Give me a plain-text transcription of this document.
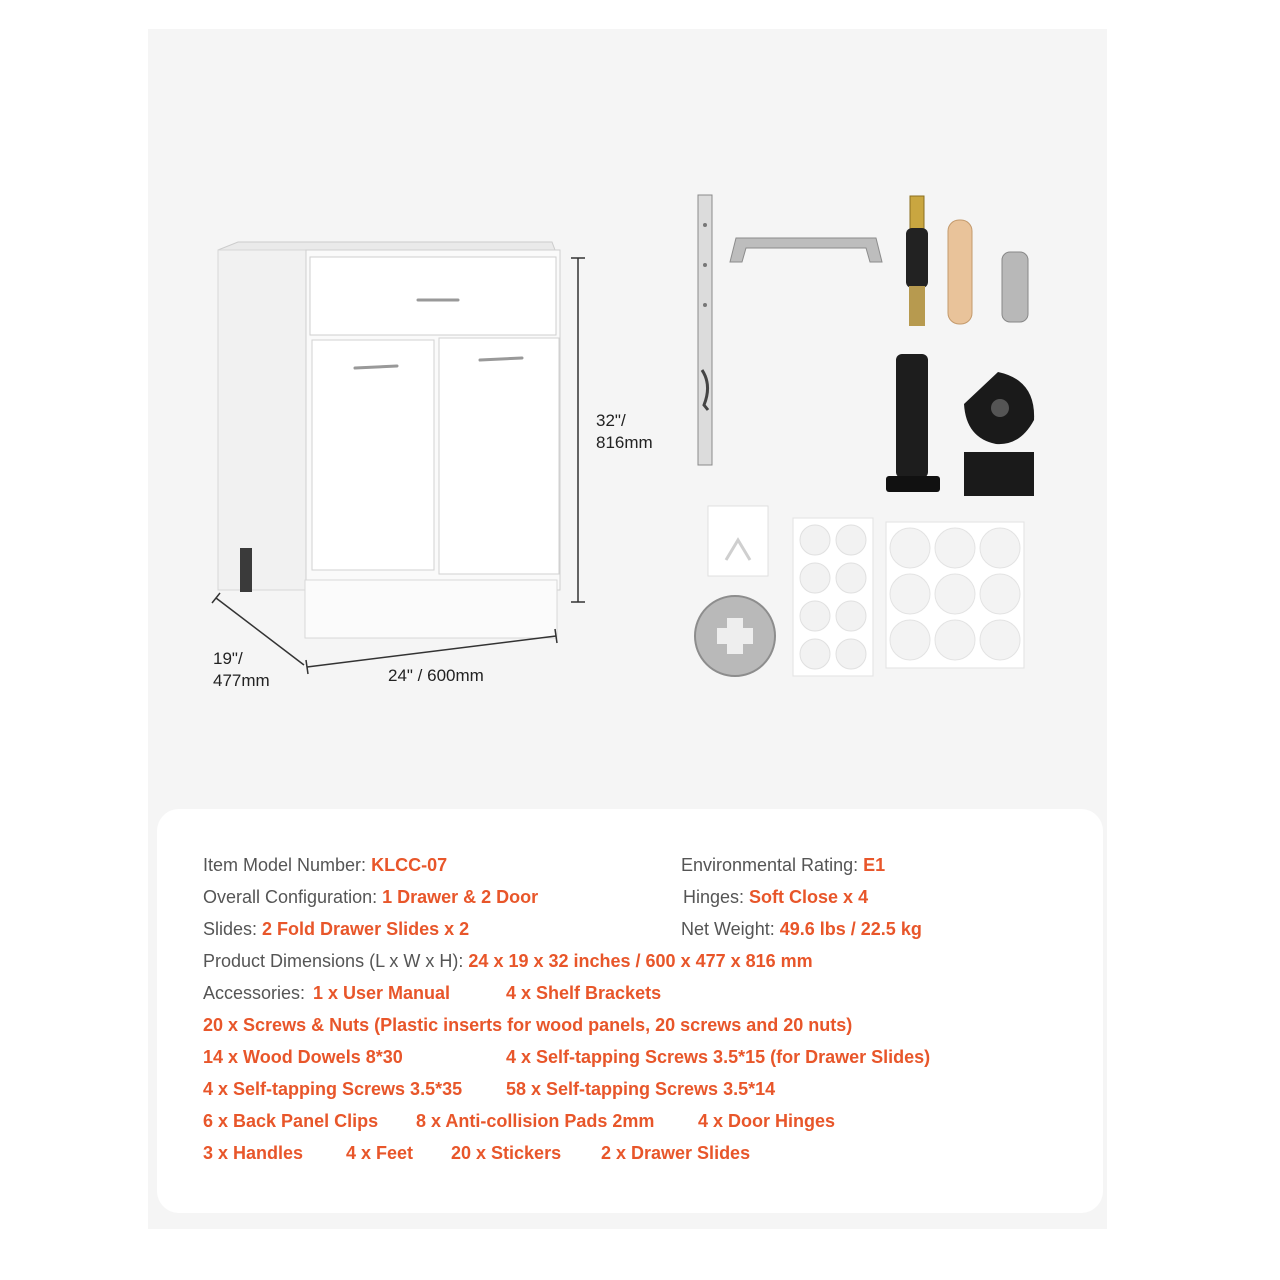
32"/
816mm
19"/
477mm	24" / 600mm
Item Model Number: KLCC-07	Environmental Rating: E1
Overall Configuration: 1 Drawer & 2 Door	Hinges: Soft Close x 4
Slides: 2 Fold Drawer Slides x 2	Net Weight: 49.6 lbs / 22.5 kg
Product Dimensions (L x W x H): 24 x 19 x 32 inches / 600 x 477 x 816 mm
Accessories: 1 x User Manual	4 x Shelf Brackets
20 x Screws & Nuts (Plastic inserts for wood panels, 20 screws and 20 nuts)
14 x Wood Dowels 8*30	4 x Self-tapping Screws 3.5*15 (for Drawer Slides)
4 x Self-tapping Screws 3.5*35 58 x Self-tapping Screws 3.5*14
6 x Back Panel Clips 8 x Anti-collision Pads 2mm 4 x Door Hinges
3 x Handles 4 x Feet 20 x Stickers 2 x Drawer Slides
